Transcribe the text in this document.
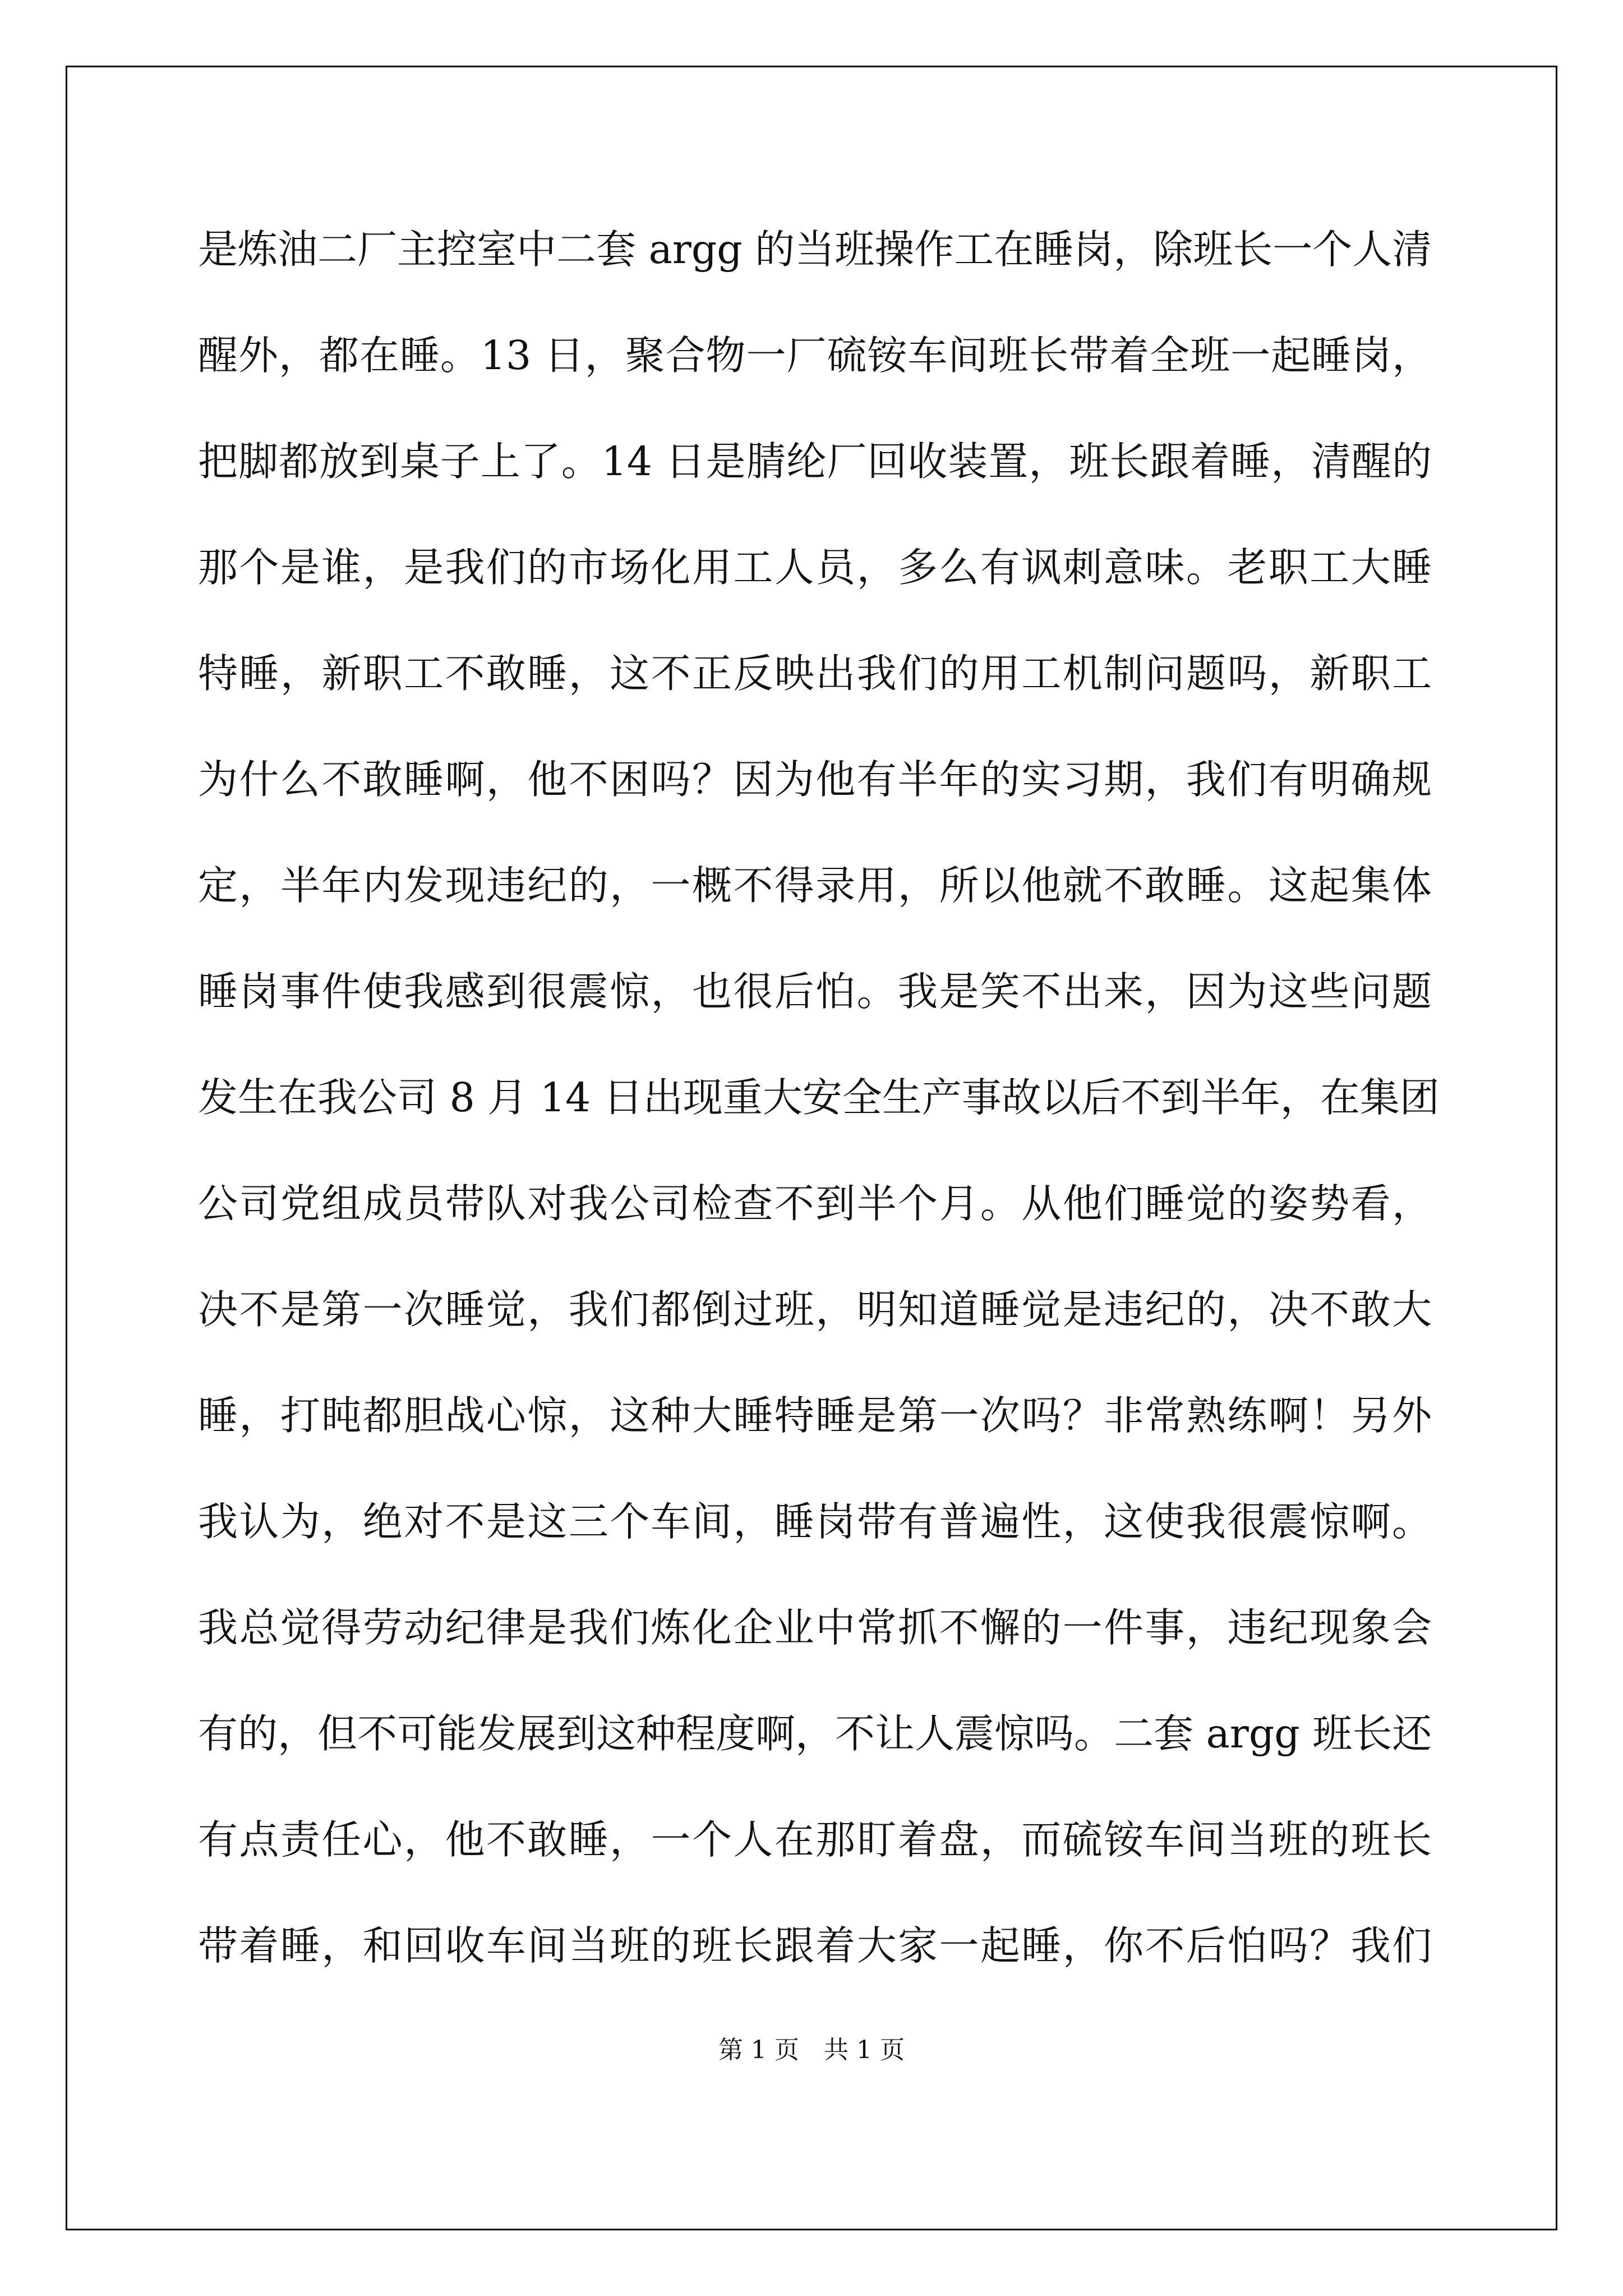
是炼油二厂主控室中二套 argg 的当班操作工在睡岗，除班长一个人清
醒外，都在睡。13 日，聚合物一厂硫铵车间班长带着全班一起睡岗，
把脚都放到桌子上了。14 日是腈纶厂回收装置，班长跟着睡，清醒的
那个是谁，是我们的市场化用工人员，多么有讽刺意味。老职工大睡
特睡，新职工不敢睡，这不正反映出我们的用工机制问题吗，新职工
为什么不敢睡啊，他不困吗？因为他有半年的实习期，我们有明确规
定，半年内发现违纪的，一概不得录用，所以他就不敢睡。这起集体
睡岗事件使我感到很震惊，也很后怕。我是笑不出来，因为这些问题
发生在我公司 8 月 14 日出现重大安全生产事故以后不到半年，在集团
公司党组成员带队对我公司检查不到半个月。从他们睡觉的姿势看，
决不是第一次睡觉，我们都倒过班，明知道睡觉是违纪的，决不敢大
睡，打盹都胆战心惊，这种大睡特睡是第一次吗？非常熟练啊！另外
我认为，绝对不是这三个车间，睡岗带有普遍性，这使我很震惊啊。
我总觉得劳动纪律是我们炼化企业中常抓不懈的一件事，违纪现象会
有的，但不可能发展到这种程度啊，不让人震惊吗。二套 argg 班长还
有点责任心，他不敢睡，一个人在那盯着盘，而硫铵车间当班的班长
带着睡，和回收车间当班的班长跟着大家一起睡，你不后怕吗？我们
第 1 页　共 1 页
